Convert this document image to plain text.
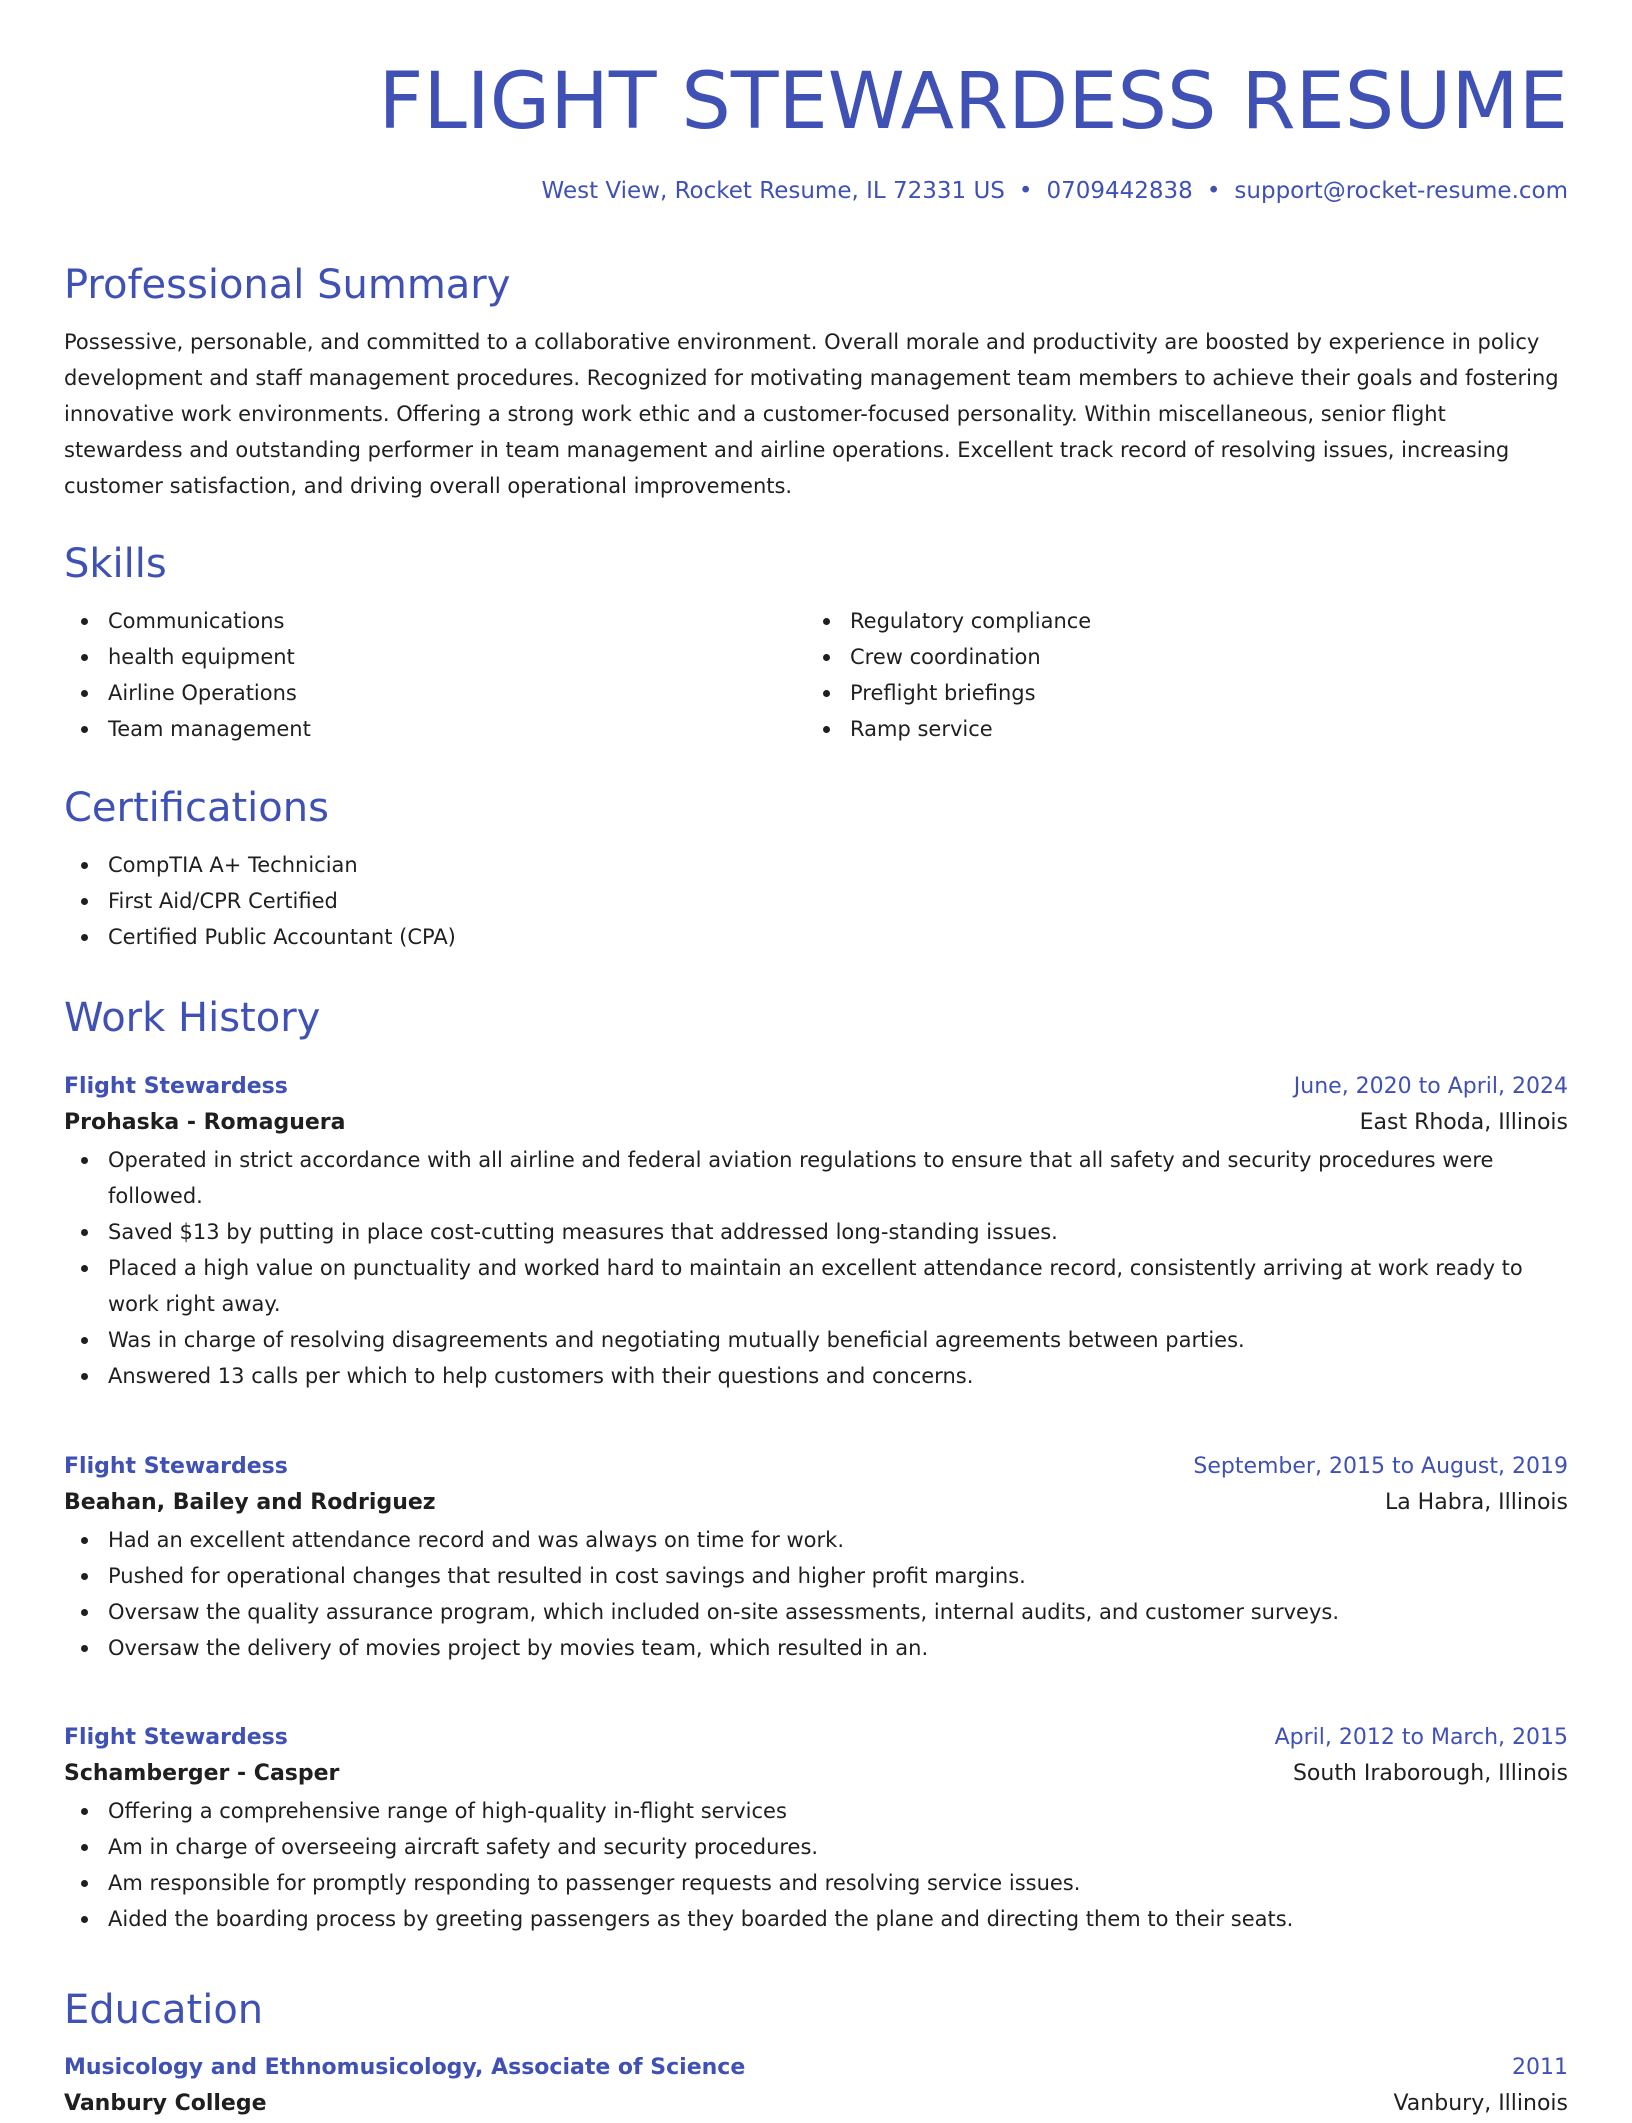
FLIGHT STEWARDESS RESUME
West View, Rocket Resume, IL 72331 US • 0709442838 • support@rocket-resume.com
Professional Summary

Possessive, personable, and committed to a collaborative environment. Overall morale and productivity are boosted by experience in policy development and staff management procedures. Recognized for motivating management team members to achieve their goals and fostering innovative work environments. Offering a strong work ethic and a customer-focused personality. Within miscellaneous, senior flight stewardess and outstanding performer in team management and airline operations. Excellent track record of resolving issues, increasing customer satisfaction, and driving overall operational improvements.

Skills
Communications
health equipment
Airline Operations
Team management
Regulatory compliance
Crew coordination
Preflight briefings
Ramp service
Certifications
CompTIA A+ Technician
First Aid/CPR Certified
Certified Public Accountant (CPA)
Work History
Flight Stewardess	June, 2020 to April, 2024
Prohaska - Romaguera	East Rhoda, Illinois
Operated in strict accordance with all airline and federal aviation regulations to ensure that all safety and security procedures were followed.
Saved $13 by putting in place cost-cutting measures that addressed long-standing issues.
Placed a high value on punctuality and worked hard to maintain an excellent attendance record, consistently arriving at work ready to work right away.
Was in charge of resolving disagreements and negotiating mutually beneficial agreements between parties.
Answered 13 calls per which to help customers with their questions and concerns.
Flight Stewardess	September, 2015 to August, 2019
Beahan, Bailey and Rodriguez	La Habra, Illinois
Had an excellent attendance record and was always on time for work.
Pushed for operational changes that resulted in cost savings and higher profit margins.
Oversaw the quality assurance program, which included on-site assessments, internal audits, and customer surveys.
Oversaw the delivery of movies project by movies team, which resulted in an.
Flight Stewardess	April, 2012 to March, 2015
Schamberger - Casper	South Iraborough, Illinois
Offering a comprehensive range of high-quality in-flight services
Am in charge of overseeing aircraft safety and security procedures.
Am responsible for promptly responding to passenger requests and resolving service issues.
Aided the boarding process by greeting passengers as they boarded the plane and directing them to their seats.
Education
Musicology and Ethnomusicology, Associate of Science	2011
Vanbury College	Vanbury, Illinois
